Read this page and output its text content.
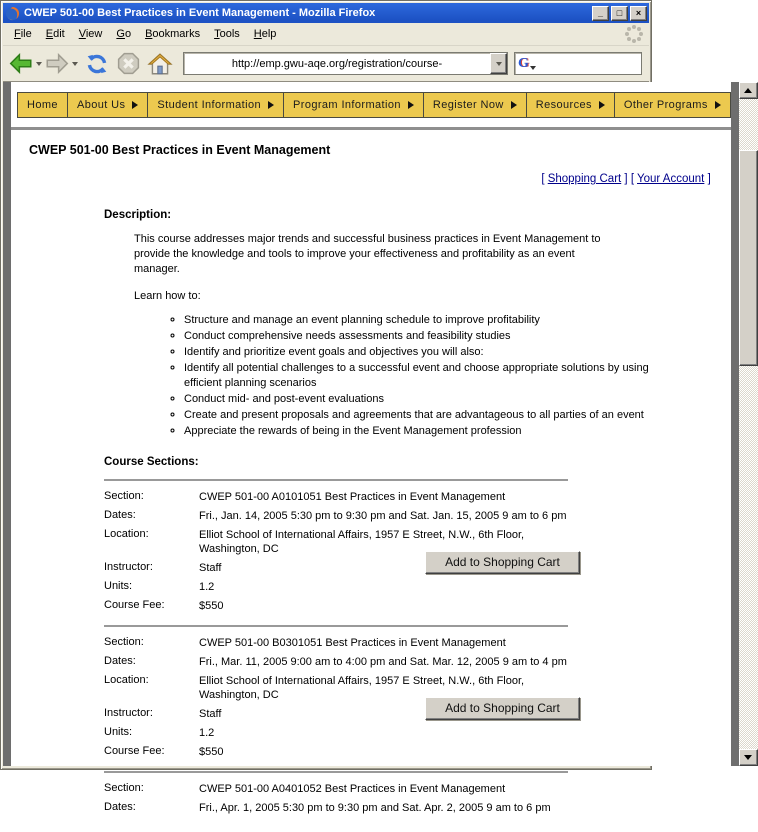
CWEP 501-00 Best Practices in Event Management - Mozilla Firefox	_	□	×
File	Edit	View	Go	Bookmarks	Tools	Help
http://emp.gwu-aqe.org/registration/course-	G
Home About Us	Student Information	Program Information	Register Now	Resources	Other Programs
CWEP 501-00 Best Practices in Event Management
[ Shopping Cart ] [ Your Account ]
Description:
This course addresses major trends and successful business practices in Event Management to provide the knowledge and tools to improve your effectiveness and profitability as an event manager.
Learn how to:
◦ Structure and manage an event planning schedule to improve profitability
◦ Conduct comprehensive needs assessments and feasibility studies
◦ Identify and prioritize event goals and objectives you will also:
◦ Identify all potential challenges to a successful event and choose appropriate solutions by using efficient planning scenarios
◦ Conduct mid- and post-event evaluations
◦ Create and present proposals and agreements that are advantageous to all parties of an event
◦ Appreciate the rewards of being in the Event Management profession
Course Sections:
Section:	CWEP 501-00 A0101051 Best Practices in Event Management
Dates:	Fri., Jan. 14, 2005 5:30 pm to 9:30 pm and Sat. Jan. 15, 2005 9 am to 6 pm
Location:	Elliot School of International Affairs, 1957 E Street, N.W., 6th Floor, Washington, DC
Instructor:	Staff
Units:	1.2
Course Fee:	$550
Add to Shopping Cart
Section:	CWEP 501-00 B0301051 Best Practices in Event Management
Dates:	Fri., Mar. 11, 2005 9:00 am to 4:00 pm and Sat. Mar. 12, 2005 9 am to 4 pm
Location:	Elliot School of International Affairs, 1957 E Street, N.W., 6th Floor, Washington, DC
Instructor:	Staff
Units:	1.2
Course Fee:	$550
Add to Shopping Cart
Section:	CWEP 501-00 A0401052 Best Practices in Event Management
Dates:	Fri., Apr. 1, 2005 5:30 pm to 9:30 pm and Sat. Apr. 2, 2005 9 am to 6 pm
